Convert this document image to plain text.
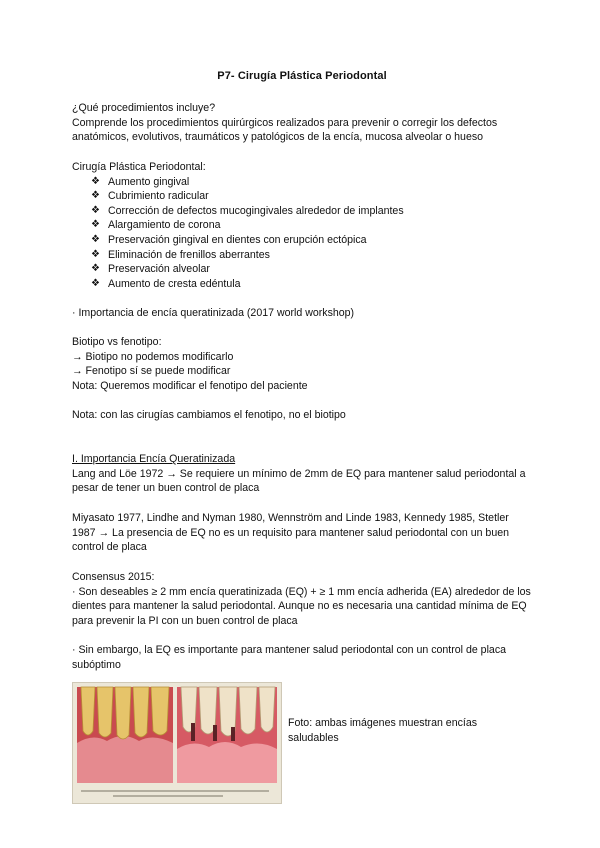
P7- Cirugía Plástica Periodontal

¿Qué procedimientos incluye?

Comprende los procedimientos quirúrgicos realizados para prevenir o corregir los defectos anatómicos, evolutivos, traumáticos y patológicos de la encía, mucosa alveolar o hueso

Cirugía Plástica Periodontal:

❖ Aumento gingival
❖ Cubrimiento radicular
❖ Corrección de defectos mucogingivales alrededor de implantes
❖ Alargamiento de corona
❖ Preservación gingival en dientes con erupción ectópica
❖ Eliminación de frenillos aberrantes
❖ Preservación alveolar
❖ Aumento de cresta edéntula
· Importancia de encía queratinizada (2017 world workshop)

Biotipo vs fenotipo:

→ Biotipo no podemos modificarlo

→ Fenotipo sí se puede modificar

Nota: Queremos modificar el fenotipo del paciente

Nota: con las cirugías cambiamos el fenotipo, no el biotipo

I. Importancia Encía Queratinizada

Lang and Löe 1972 → Se requiere un mínimo de 2mm de EQ para mantener salud periodontal a pesar de tener un buen control de placa

Miyasato 1977, Lindhe and Nyman 1980, Wennström and Linde 1983, Kennedy 1985, Stetler 1987 → La presencia de EQ no es un requisito para mantener salud periodontal con un buen control de placa

Consensus 2015:

· Son deseables ≥ 2 mm encía queratinizada (EQ) + ≥ 1 mm encía adherida (EA) alrededor de los dientes para mantener la salud periodontal. Aunque no es necesaria una cantidad mínima de EQ para prevenir la PI con un buen control de placa

· Sin embargo, la EQ es importante para mantener salud periodontal con un control de placa subóptimo
Foto: ambas imágenes muestran encías saludables
